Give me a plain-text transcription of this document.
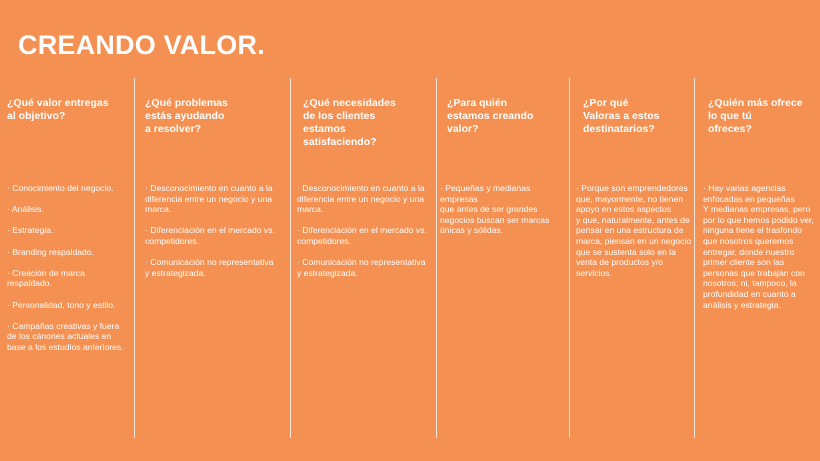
CREANDO VALOR.
¿Qué valor entregas
al objetivo?

· Conocimiento del negocio.

· Análisis.

· Estrategia.

· Branding respaldado.

· Creación de marca
respaldado.

· Personalidad, tono y estilo.

· Campañas creativas y fuera
de los cánones actuales en
base a los estudios anteriores.

¿Qué problemas
estás ayudando
a resolver?

· Desconocimiento en cuanto a la
diferencia entre un negocio y una
marca.

· Diferenciación en el mercado vs.
competidores.

· Comunicación no representativa
y estrategizada.

¿Qué necesidades
de los clientes
estamos
satisfaciendo?

· Desconocimiento en cuanto a la
diferencia entre un negocio y una
marca.

· Diferenciación en el mercado vs.
competidores.

· Comunicación no representativa
y estrategizada.

¿Para quién
estamos creando
valor?

· Pequeñas y medianas empresas
que antes de ser grandes
negocios buscan ser marcas
únicas y sólidas.

¿Por qué
Valoras a estos
destinatarios?

· Porque son emprendedores
que, mayormente, no tienen
apoyo en estos aspectos
y que, naturalmente, antes de
pensar en una estructura de
marca, piensan en un negocio
que se sustenta solo en la
venta de productos y/o
servicios.

¿Quién más ofrece
lo que tú
ofreces?

· Hay varias agencias
enfocadas en pequeñas
Y medianas empresas, pero
por lo que hemos podido ver,
ninguna tiene el trasfondo
que nosotros queremos
entregar, donde nuestro
primer cliente son las
personas que trabajan con
nosotros; ni, tampoco, la
profundidad en cuanto a
análisis y estrategia.
